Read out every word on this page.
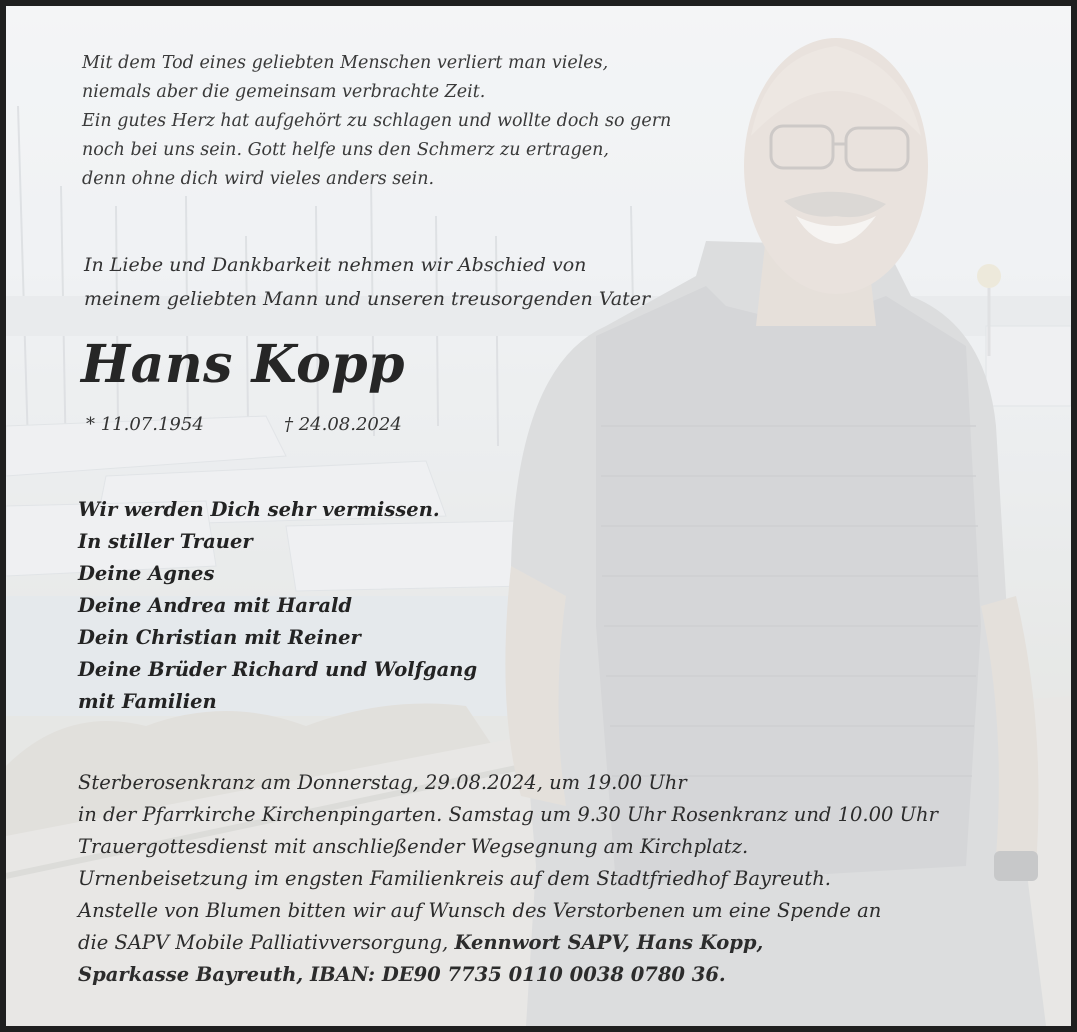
Mit dem Tod eines geliebten Menschen verliert man vieles,
niemals aber die gemeinsam verbrachte Zeit.
Ein gutes Herz hat aufgehört zu schlagen und wollte doch so gern
noch bei uns sein. Gott helfe uns den Schmerz zu ertragen,
denn ohne dich wird vieles anders sein.
In Liebe und Dankbarkeit nehmen wir Abschied von
meinem geliebten Mann und unseren treusorgenden Vater
Hans Kopp
* 11.07.1954	† 24.08.2024
Wir werden Dich sehr vermissen.
In stiller Trauer
Deine Agnes
Deine Andrea mit Harald
Dein Christian mit Reiner
Deine Brüder Richard und Wolfgang
mit Familien
Sterberosenkranz am Donnerstag, 29.08.2024, um 19.00 Uhr
in der Pfarrkirche Kirchenpingarten. Samstag um 9.30 Uhr Rosenkranz und 10.00 Uhr
Trauergottesdienst mit anschließender Wegsegnung am Kirchplatz.
Urnenbeisetzung im engsten Familienkreis auf dem Stadtfriedhof Bayreuth.
Anstelle von Blumen bitten wir auf Wunsch des Verstorbenen um eine Spende an
die SAPV Mobile Palliativversorgung, Kennwort SAPV, Hans Kopp,
Sparkasse Bayreuth, IBAN: DE90 7735 0110 0038 0780 36.
